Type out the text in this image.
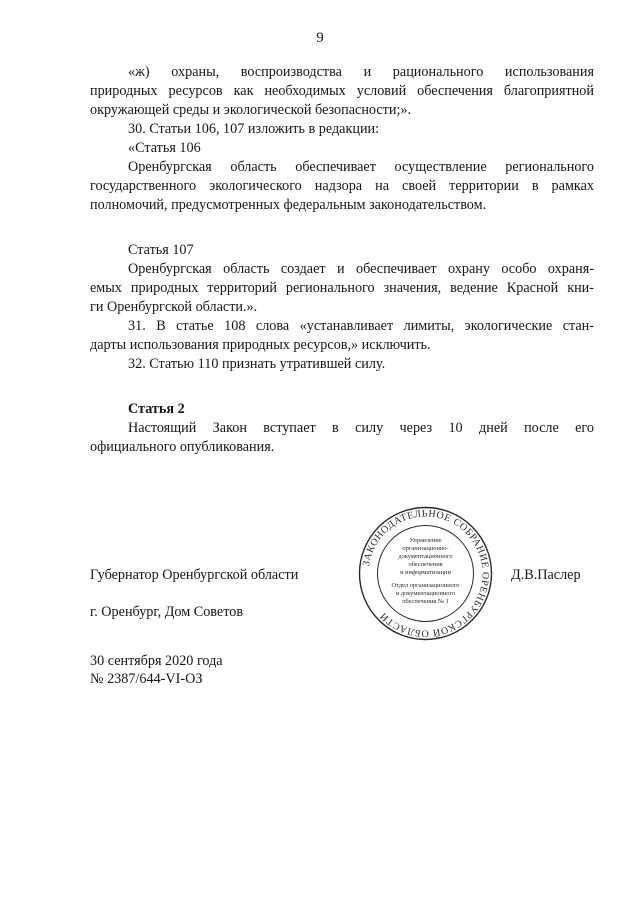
9

«ж) охраны, воспроизводства и рационального использования

природных ресурсов как необходимых условий обеспечения благоприятной

окружающей среды и экологической безопасности;».

30. Статьи 106, 107 изложить в редакции:

«Статья 106

Оренбургская область обеспечивает осуществление регионального

государственного экологического надзора на своей территории в рамках

полномочий, предусмотренных федеральным законодательством.

Статья 107

Оренбургская область создает и обеспечивает охрану особо охраня-

емых природных территорий регионального значения, ведение Красной кни-

ги Оренбургской области.».

31. В статье 108 слова «устанавливает лимиты, экологические стан-

дарты использования природных ресурсов,» исключить.

32. Статью 110 признать утратившей силу.

Статья 2

Настоящий Закон вступает в силу через 10 дней после его

официального опубликования.

Губернатор Оренбургской области	Д.В.Паслер
г. Оренбург, Дом Советов
30 сентября 2020 года
№ 2387/644-VI-ОЗ
ЗАКОНОДАТЕЛЬНОЕ СОБРАНИЕ ОРЕНБУРГСКОЙ ОБЛАСТИ
Управление
организационно-
документационного
обеспечения
и информатизации
Отдел организационного
и документационного
обеспечения № 1
